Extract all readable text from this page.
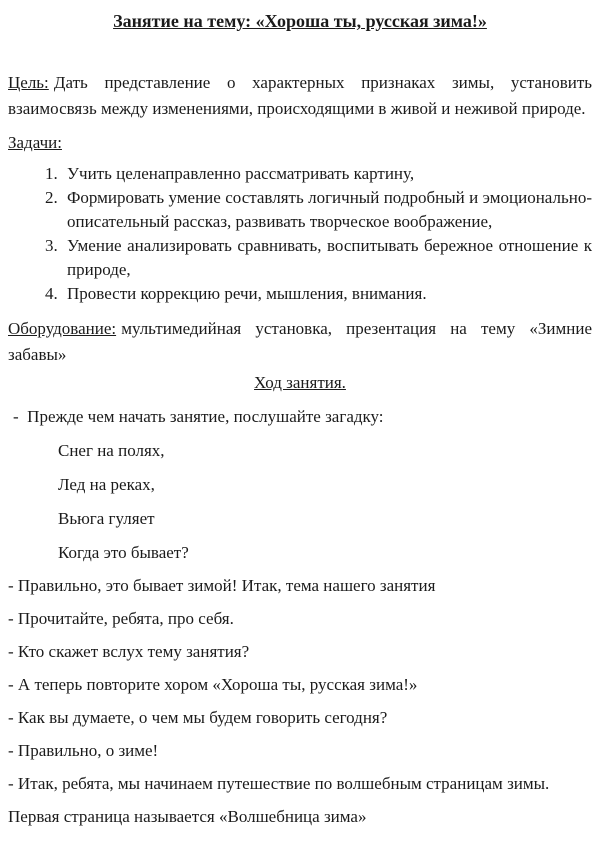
Занятие на тему: «Хороша ты, русская зима!»

Цель: Дать представление о характерных признаках зимы, установить взаимосвязь между изменениями, происходящими в живой и неживой природе.

Задачи:

1. Учить целенаправленно рассматривать картину,
2. Формировать умение составлять логичный подробный и эмоционально-описательный рассказ, развивать творческое воображение,
3. Умение анализировать сравнивать, воспитывать бережное отношение к природе,
4. Провести коррекцию речи, мышления, внимания.

Оборудование: мультимедийная установка, презентация на тему «Зимние забавы»

Ход занятия.

-  Прежде чем начать занятие, послушайте загадку:

Снег на полях,

Лед на реках,

Вьюга гуляет

Когда это бывает?

- Правильно, это бывает зимой! Итак, тема нашего занятия

- Прочитайте, ребята, про себя.

- Кто скажет вслух тему занятия?

- А теперь повторите хором «Хороша ты, русская зима!»

- Как вы думаете, о чем мы будем говорить сегодня?

- Правильно, о зиме!

- Итак, ребята, мы начинаем путешествие по волшебным страницам зимы.

Первая страница называется «Волшебница зима»
